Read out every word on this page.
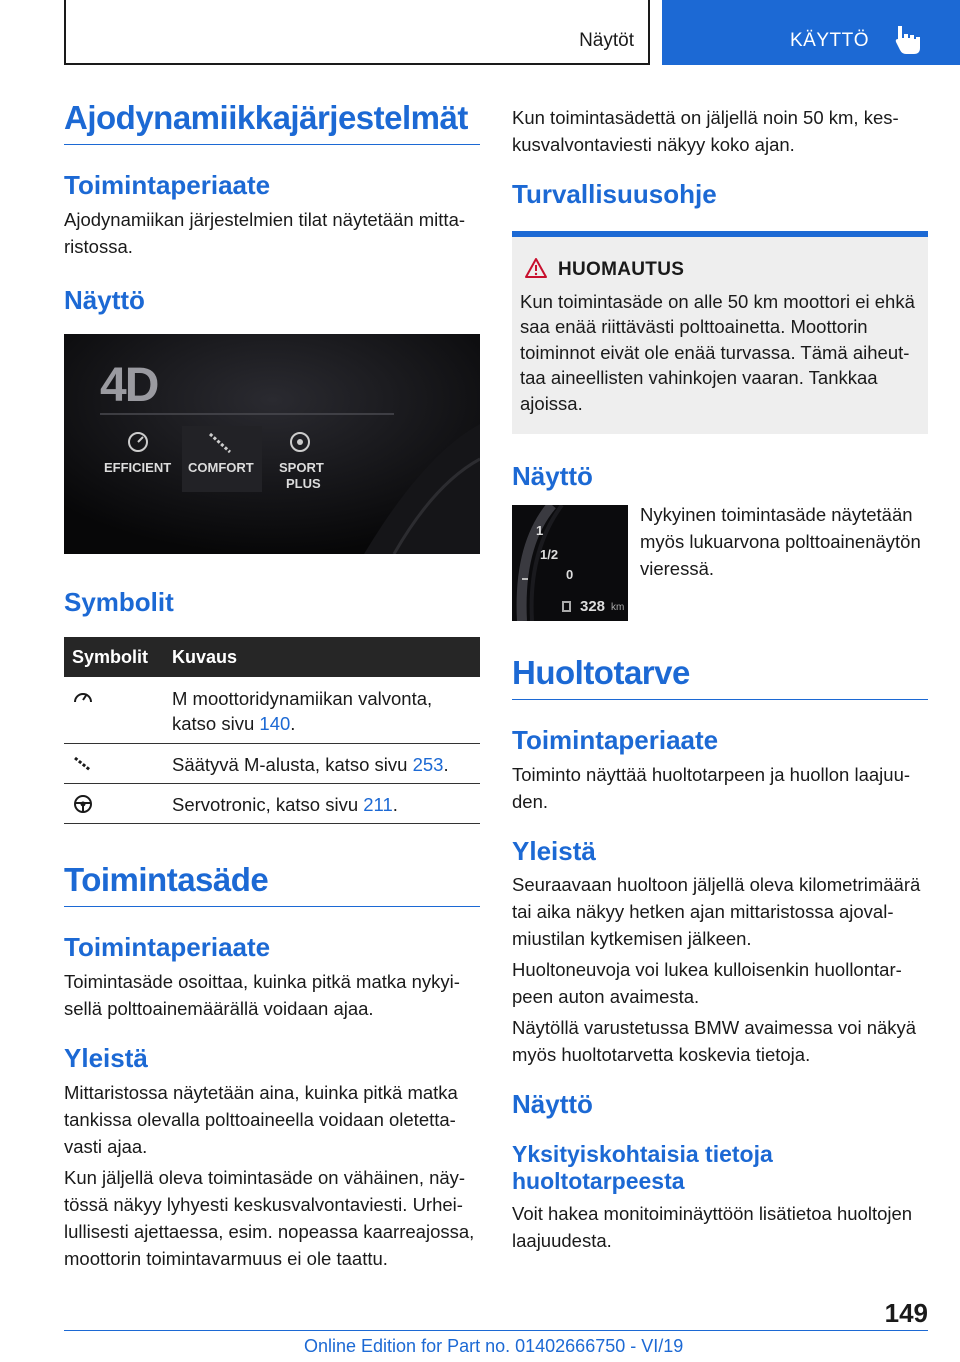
Näytöt	KÄYTTÖ
Ajodynamiikkajärjestelmät
Toimintaperiaate

Ajodynamiikan järjestelmien tilat näytetään mitta-ristossa.

Näyttö
4D
EFFICIENT COMFORT SPORT
PLUS
Symbolit
Symbolit	Kuvaus
	M moottoridynamiikan valvonta, katso sivu 140.
	Säätyvä M-alusta, katso sivu 253.
	Servotronic, katso sivu 211.
Toimintasäde
Toimintaperiaate

Toimintasäde osoittaa, kuinka pitkä matka nykyi-sellä polttoainemäärällä voidaan ajaa.

Yleistä

Mittaristossa näytetään aina, kuinka pitkä matka tankissa olevalla polttoaineella voidaan oletetta-vasti ajaa.

Kun jäljellä oleva toimintasäde on vähäinen, näy-tössä näkyy lyhyesti keskusvalvontaviesti. Urhei-lullisesti ajettaessa, esim. nopeassa kaarreajossa, moottorin toimintavarmuus ei ole taattu.

Kun toimintasädettä on jäljellä noin 50 km, kes-kusvalvontaviesti näkyy koko ajan.

Turvallisuusohje
HUOMAUTUS

Kun toimintasäde on alle 50 km moottori ei ehkä saa enää riittävästi polttoainetta. Moottorin toiminnot eivät ole enää turvassa. Tämä aiheut-taa aineellisten vahinkojen vaaran. Tankkaa ajoissa.

Näyttö
1
1/2
0
328 km

Nykyinen toimintasäde näytetään myös lukuarvona polttoainenäytön vieressä.

Huoltotarve
Toimintaperiaate

Toiminto näyttää huoltotarpeen ja huollon laajuu-den.

Yleistä

Seuraavaan huoltoon jäljellä oleva kilometrimäärä tai aika näkyy hetken ajan mittaristossa ajoval-miustilan kytkemisen jälkeen.

Huoltoneuvoja voi lukea kulloisenkin huollontar-peen auton avaimesta.

Näytöllä varustetussa BMW avaimessa voi näkyä myös huoltotarvetta koskevia tietoja.

Näyttö
Yksityiskohtaisia tietoja huoltotarpeesta

Voit hakea monitoiminäyttöön lisätietoa huoltojen laajuudesta.

149
Online Edition for Part no. 01402666750 - VI/19
